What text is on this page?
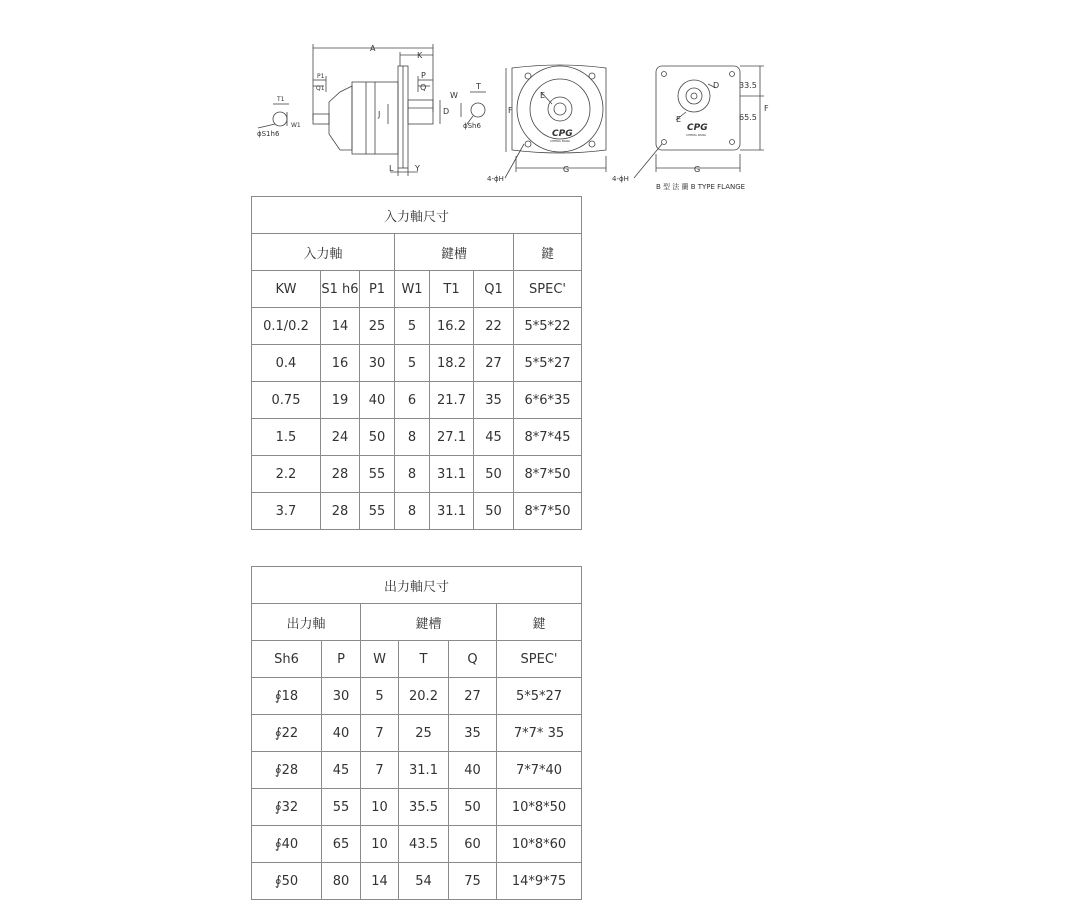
A
K
P1
Q1
P
Q
T1
W1
ϕS1h6
J	D
L	Y
W
T
ϕSh6
F
E
G
4-ϕH
CPG
CHENG PANG
D 33.5
65.5
F
E
G
4-ϕH
CPG
CHENG PANG
B 型 法 蘭 B TYPE FLANGE
入力軸尺寸						
入力軸			鍵槽			鍵
KW	S1 h6	P1	W1	T1	Q1	SPEC'
0.1/0.2	14	25	5	16.2	22	5*5*22
0.4	16	30	5	18.2	27	5*5*27
0.75	19	40	6	21.7	35	6*6*35
1.5	24	50	8	27.1	45	8*7*45
2.2	28	55	8	31.1	50	8*7*50
3.7	28	55	8	31.1	50	8*7*50
出力軸尺寸					
出力軸		鍵槽			鍵
Sh6	P	W	T	Q	SPEC'
∮18	30	5	20.2	27	5*5*27
∮22	40	7	25	35	7*7* 35
∮28	45	7	31.1	40	7*7*40
∮32	55	10	35.5	50	10*8*50
∮40	65	10	43.5	60	10*8*60
∮50	80	14	54	75	14*9*75
